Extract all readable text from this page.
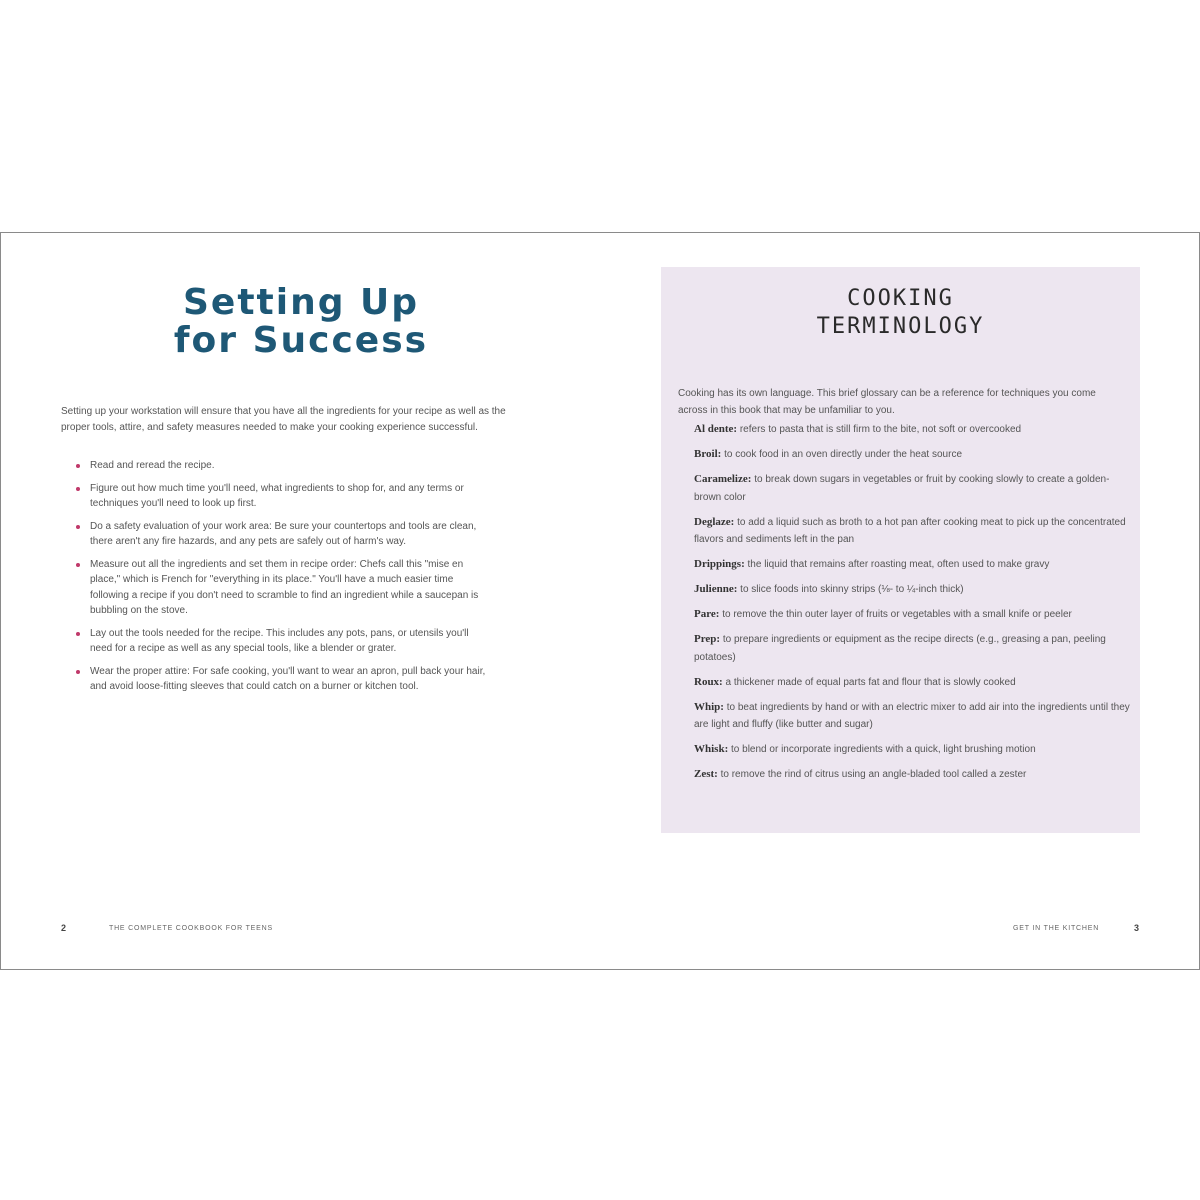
Setting Up
for Success

Setting up your workstation will ensure that you have all the ingredients for your recipe as well as the proper tools, attire, and safety measures needed to make your cooking experience successful.

Read and reread the recipe.
Figure out how much time you'll need, what ingredients to shop for, and any terms or techniques you'll need to look up first.
Do a safety evaluation of your work area: Be sure your countertops and tools are clean, there aren't any fire hazards, and any pets are safely out of harm's way.
Measure out all the ingredients and set them in recipe order: Chefs call this "mise en place," which is French for "everything in its place." You'll have a much easier time following a recipe if you don't need to scramble to find an ingredient while a saucepan is bubbling on the stove.
Lay out the tools needed for the recipe. This includes any pots, pans, or utensils you'll need for a recipe as well as any special tools, like a blender or grater.
Wear the proper attire: For safe cooking, you'll want to wear an apron, pull back your hair, and avoid loose-fitting sleeves that could catch on a burner or kitchen tool.
2	THE COMPLETE COOKBOOK FOR TEENS
COOKING
TERMINOLOGY

Cooking has its own language. This brief glossary can be a reference for techniques you come across in this book that may be unfamiliar to you.

Al dente: refers to pasta that is still firm to the bite, not soft or overcooked
Broil: to cook food in an oven directly under the heat source
Caramelize: to break down sugars in vegetables or fruit by cooking slowly to create a golden-brown color
Deglaze: to add a liquid such as broth to a hot pan after cooking meat to pick up the concentrated flavors and sediments left in the pan
Drippings: the liquid that remains after roasting meat, often used to make gravy
Julienne: to slice foods into skinny strips (⅛- to ¼-inch thick)
Pare: to remove the thin outer layer of fruits or vegetables with a small knife or peeler
Prep: to prepare ingredients or equipment as the recipe directs (e.g., greasing a pan, peeling potatoes)
Roux: a thickener made of equal parts fat and flour that is slowly cooked
Whip: to beat ingredients by hand or with an electric mixer to add air into the ingredients until they are light and fluffy (like butter and sugar)
Whisk: to blend or incorporate ingredients with a quick, light brushing motion
Zest: to remove the rind of citrus using an angle-bladed tool called a zester
GET IN THE KITCHEN	3
